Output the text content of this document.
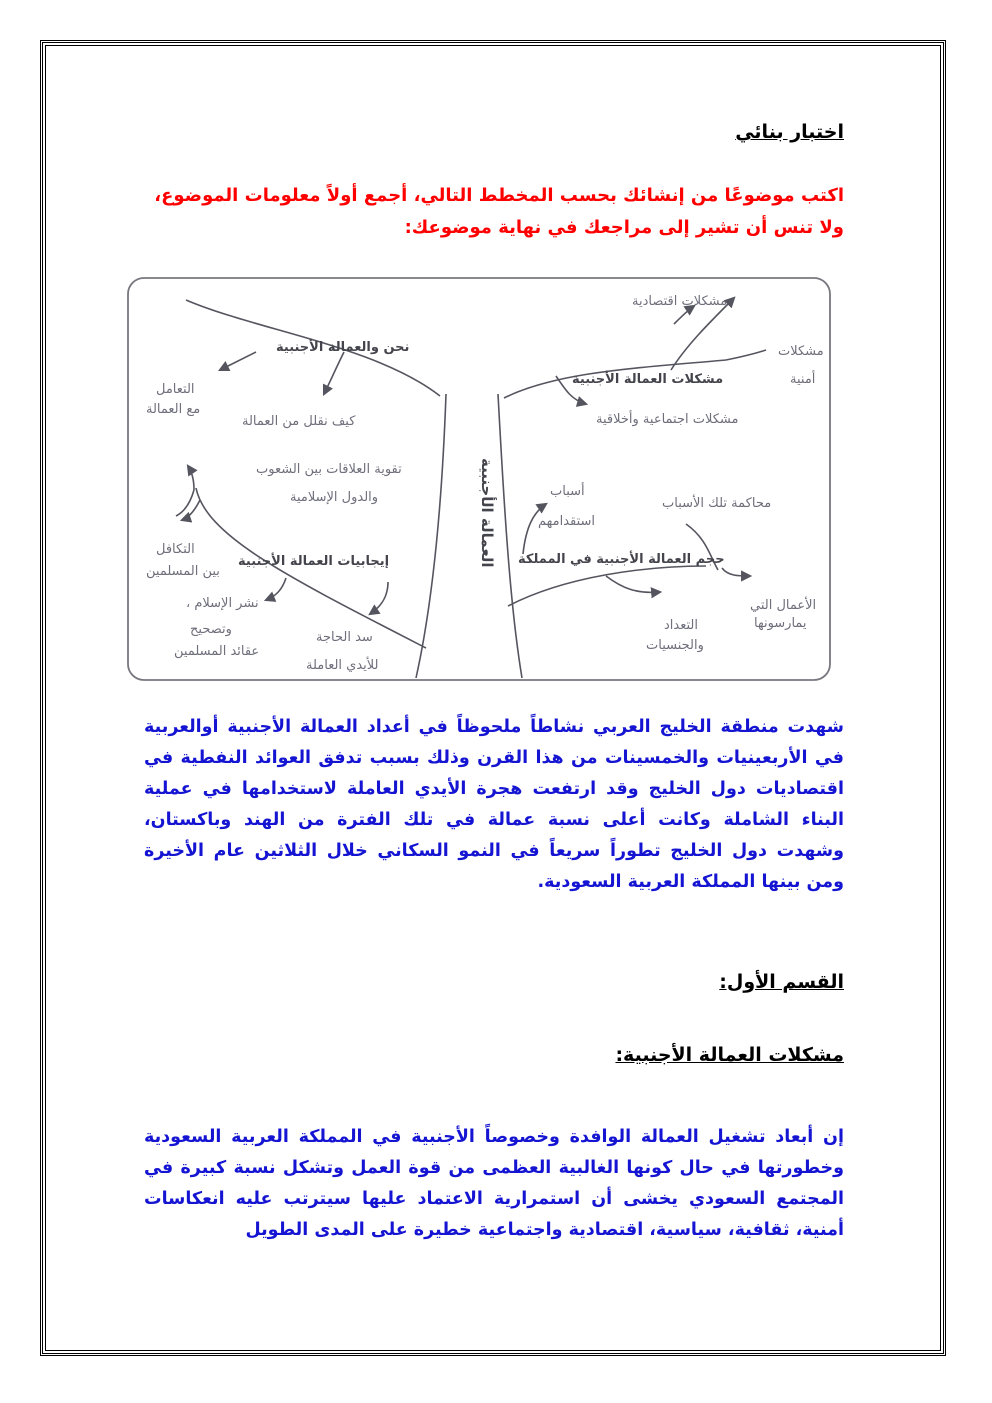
اختبار بنائي

اكتب موضوعًا من إنشائك بحسب المخطط التالي، أجمع أولاً معلومات الموضوع، ولا تنس أن تشير إلى مراجعك في نهاية موضوعك:

العمالة الأجنبية
مشكلات اقتصادية
مشكلات
أمنية
مشكلات العمالة الأجنبية
مشكلات اجتماعية وأخلاقية
أسباب
استقدامهم
محاكمة تلك الأسباب
حجم العمالة الأجنبية في المملكة
الأعمال التي
يمارسونها
التعداد
والجنسيات
نحن والعمالة الأجنبية
التعامل
مع العمالة
كيف نقلل من العمالة
تقوية العلاقات بين الشعوب
والدول الإسلامية
التكافل
بين المسلمين
إيجابيات العمالة الأجنبية
نشر الإسلام ،
وتصحيح
عقائد المسلمين
سد الحاجة
للأيدي العاملة

شهدت منطقة الخليج العربي نشاطاً ملحوظاً في أعداد العمالة الأجنبية أوالعربية في الأربعينيات والخمسينات من هذا القرن وذلك بسبب تدفق العوائد النفطية في اقتصاديات دول الخليج وقد ارتفعت هجرة الأيدي العاملة لاستخدامها في عملية البناء الشاملة وكانت أعلى نسبة عمالة في تلك الفترة من الهند وباكستان، وشهدت دول الخليج تطوراً سريعاً في النمو السكاني خلال الثلاثين عام الأخيرة ومن بينها المملكة العربية السعودية.

القسم الأول:
مشكلات العمالة الأجنبية:

إن أبعاد تشغيل العمالة الوافدة وخصوصاً الأجنبية في المملكة العربية السعودية وخطورتها في حال كونها الغالبية العظمى من قوة العمل وتشكل نسبة كبيرة في المجتمع السعودي يخشى أن استمرارية الاعتماد عليها سيترتب عليه انعكاسات أمنية، ثقافية، سياسية، اقتصادية واجتماعية خطيرة على المدى الطويل
